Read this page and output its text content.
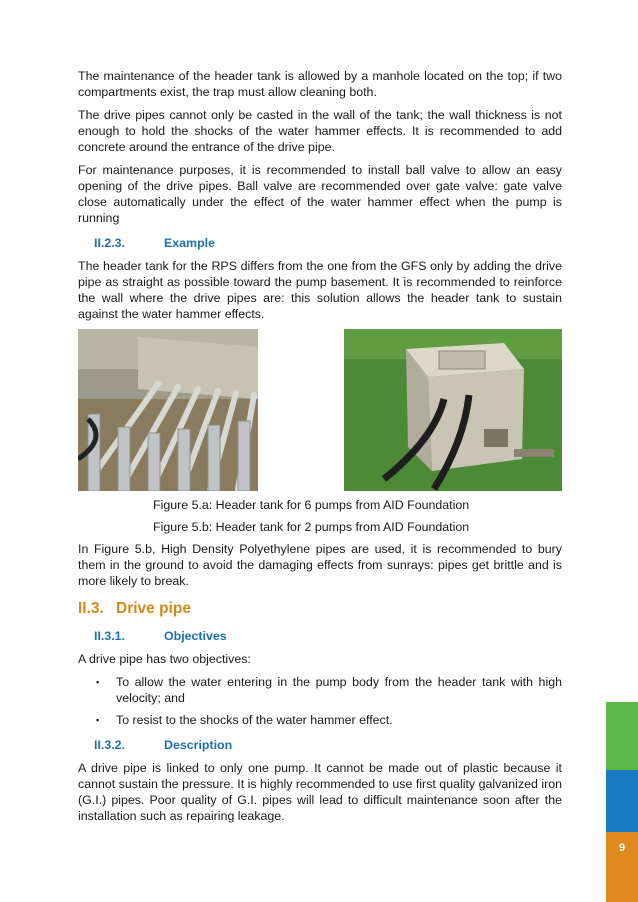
The maintenance of the header tank is allowed by a manhole located on the top; if two compartments exist, the trap must allow cleaning both.

The drive pipes cannot only be casted in the wall of the tank; the wall thickness is not enough to hold the shocks of the water hammer effects. It is recommended to add concrete around the entrance of the drive pipe.

For maintenance purposes, it is recommended to install ball valve to allow an easy opening of the drive pipes. Ball valve are recommended over gate valve: gate valve close automatically under the effect of the water hammer effect when the pump is running

II.2.3.	Example

The header tank for the RPS differs from the one from the GFS only by adding the drive pipe as straight as possible toward the pump basement. It is recommended to reinforce the wall where the drive pipes are: this solution allows the header tank to sustain against the water hammer effects.

Figure 5.a: Header tank for 6 pumps from AID Foundation

Figure 5.b: Header tank for 2 pumps from AID Foundation

In Figure 5.b, High Density Polyethylene pipes are used, it is recommended to bury them in the ground to avoid the damaging effects from sunrays: pipes get brittle and is more likely to break.

II.3. Drive pipe
II.3.1.	Objectives

A drive pipe has two objectives:

▪ To allow the water entering in the pump body from the header tank with high velocity; and
▪ To resist to the shocks of the water hammer effect.
II.3.2.	Description

A drive pipe is linked to only one pump. It cannot be made out of plastic because it cannot sustain the pressure. It is highly recommended to use first quality galvanized iron (G.I.) pipes. Poor quality of G.I. pipes will lead to difficult maintenance soon after the installation such as repairing leakage.

9
